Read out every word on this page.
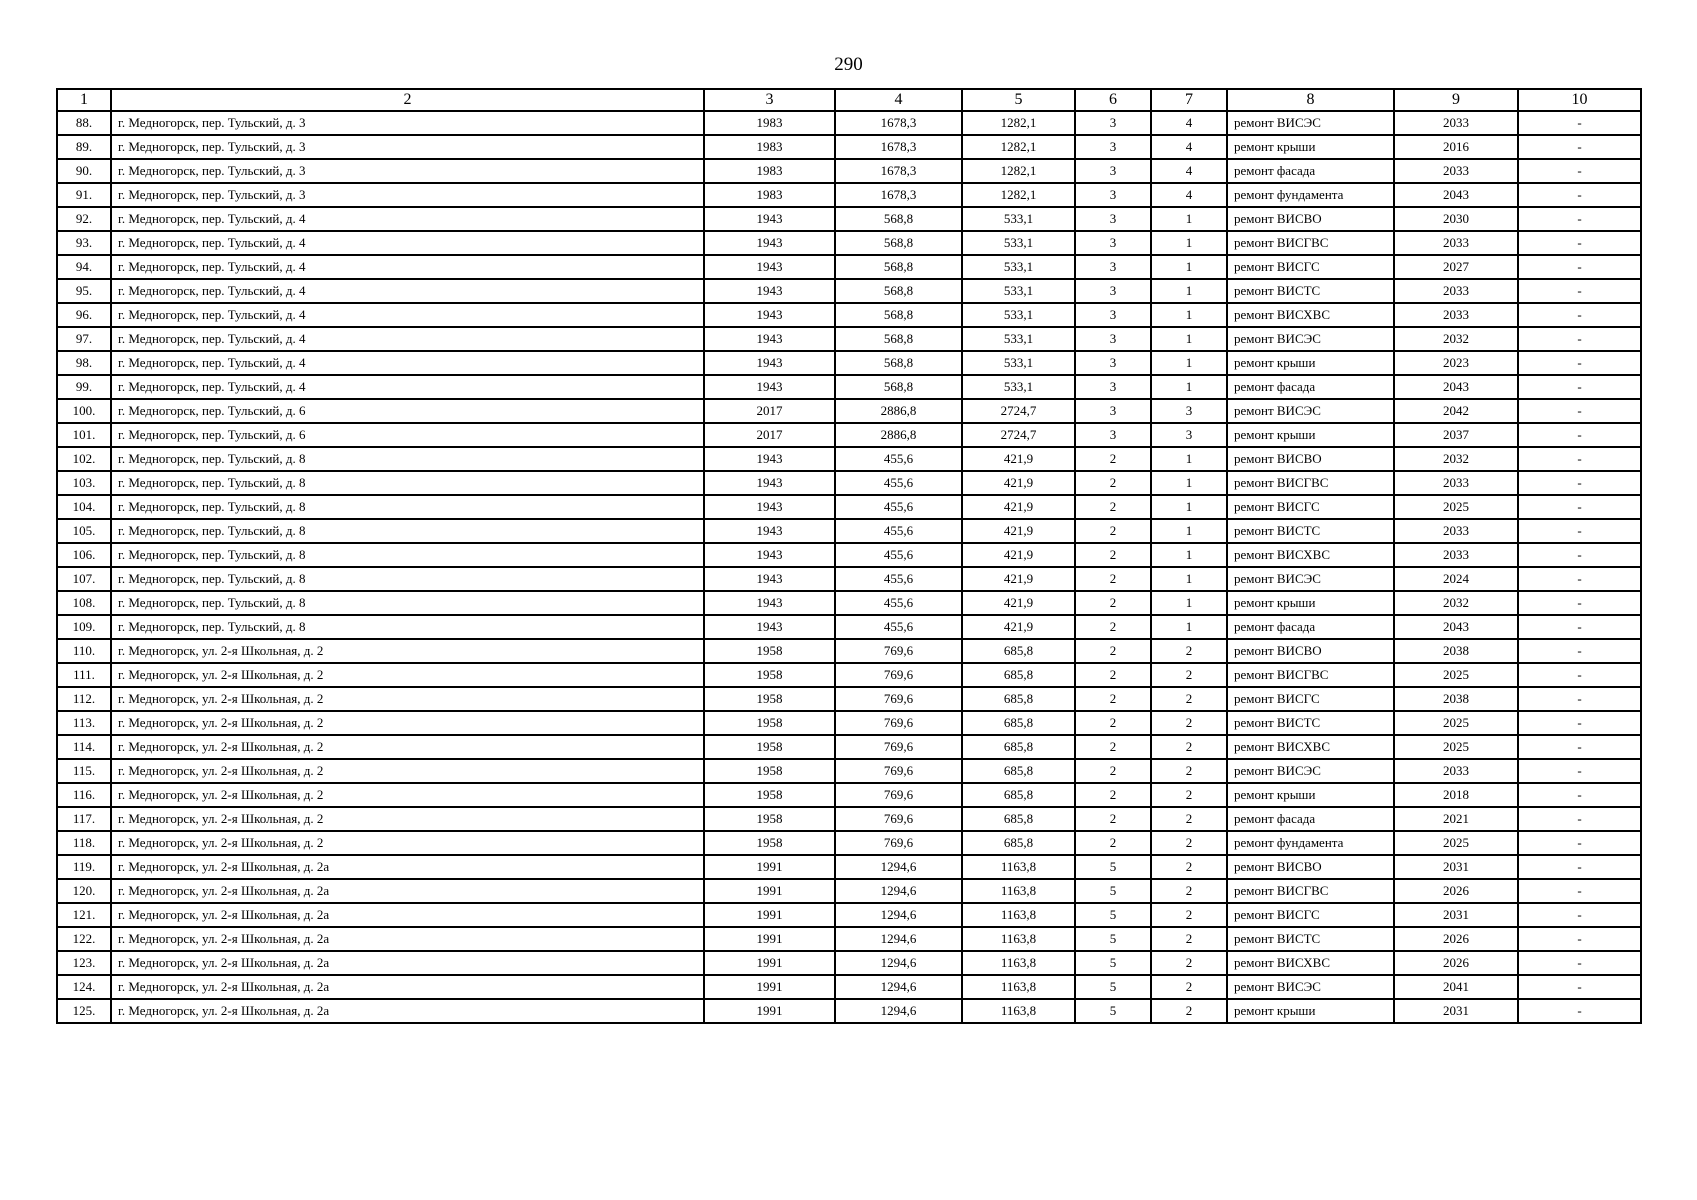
290
1	2	3	4	5	6	7	8	9	10
88.	г. Медногорск, пер. Тульский, д. 3	1983	1678,3	1282,1	3	4	ремонт ВИСЭС	2033	-
89.	г. Медногорск, пер. Тульский, д. 3	1983	1678,3	1282,1	3	4	ремонт крыши	2016	-
90.	г. Медногорск, пер. Тульский, д. 3	1983	1678,3	1282,1	3	4	ремонт фасада	2033	-
91.	г. Медногорск, пер. Тульский, д. 3	1983	1678,3	1282,1	3	4	ремонт фундамента	2043	-
92.	г. Медногорск, пер. Тульский, д. 4	1943	568,8	533,1	3	1	ремонт ВИСВО	2030	-
93.	г. Медногорск, пер. Тульский, д. 4	1943	568,8	533,1	3	1	ремонт ВИСГВС	2033	-
94.	г. Медногорск, пер. Тульский, д. 4	1943	568,8	533,1	3	1	ремонт ВИСГС	2027	-
95.	г. Медногорск, пер. Тульский, д. 4	1943	568,8	533,1	3	1	ремонт ВИСТС	2033	-
96.	г. Медногорск, пер. Тульский, д. 4	1943	568,8	533,1	3	1	ремонт ВИСХВС	2033	-
97.	г. Медногорск, пер. Тульский, д. 4	1943	568,8	533,1	3	1	ремонт ВИСЭС	2032	-
98.	г. Медногорск, пер. Тульский, д. 4	1943	568,8	533,1	3	1	ремонт крыши	2023	-
99.	г. Медногорск, пер. Тульский, д. 4	1943	568,8	533,1	3	1	ремонт фасада	2043	-
100.	г. Медногорск, пер. Тульский, д. 6	2017	2886,8	2724,7	3	3	ремонт ВИСЭС	2042	-
101.	г. Медногорск, пер. Тульский, д. 6	2017	2886,8	2724,7	3	3	ремонт крыши	2037	-
102.	г. Медногорск, пер. Тульский, д. 8	1943	455,6	421,9	2	1	ремонт ВИСВО	2032	-
103.	г. Медногорск, пер. Тульский, д. 8	1943	455,6	421,9	2	1	ремонт ВИСГВС	2033	-
104.	г. Медногорск, пер. Тульский, д. 8	1943	455,6	421,9	2	1	ремонт ВИСГС	2025	-
105.	г. Медногорск, пер. Тульский, д. 8	1943	455,6	421,9	2	1	ремонт ВИСТС	2033	-
106.	г. Медногорск, пер. Тульский, д. 8	1943	455,6	421,9	2	1	ремонт ВИСХВС	2033	-
107.	г. Медногорск, пер. Тульский, д. 8	1943	455,6	421,9	2	1	ремонт ВИСЭС	2024	-
108.	г. Медногорск, пер. Тульский, д. 8	1943	455,6	421,9	2	1	ремонт крыши	2032	-
109.	г. Медногорск, пер. Тульский, д. 8	1943	455,6	421,9	2	1	ремонт фасада	2043	-
110.	г. Медногорск, ул. 2-я Школьная, д. 2	1958	769,6	685,8	2	2	ремонт ВИСВО	2038	-
111.	г. Медногорск, ул. 2-я Школьная, д. 2	1958	769,6	685,8	2	2	ремонт ВИСГВС	2025	-
112.	г. Медногорск, ул. 2-я Школьная, д. 2	1958	769,6	685,8	2	2	ремонт ВИСГС	2038	-
113.	г. Медногорск, ул. 2-я Школьная, д. 2	1958	769,6	685,8	2	2	ремонт ВИСТС	2025	-
114.	г. Медногорск, ул. 2-я Школьная, д. 2	1958	769,6	685,8	2	2	ремонт ВИСХВС	2025	-
115.	г. Медногорск, ул. 2-я Школьная, д. 2	1958	769,6	685,8	2	2	ремонт ВИСЭС	2033	-
116.	г. Медногорск, ул. 2-я Школьная, д. 2	1958	769,6	685,8	2	2	ремонт крыши	2018	-
117.	г. Медногорск, ул. 2-я Школьная, д. 2	1958	769,6	685,8	2	2	ремонт фасада	2021	-
118.	г. Медногорск, ул. 2-я Школьная, д. 2	1958	769,6	685,8	2	2	ремонт фундамента	2025	-
119.	г. Медногорск, ул. 2-я Школьная, д. 2а	1991	1294,6	1163,8	5	2	ремонт ВИСВО	2031	-
120.	г. Медногорск, ул. 2-я Школьная, д. 2а	1991	1294,6	1163,8	5	2	ремонт ВИСГВС	2026	-
121.	г. Медногорск, ул. 2-я Школьная, д. 2а	1991	1294,6	1163,8	5	2	ремонт ВИСГС	2031	-
122.	г. Медногорск, ул. 2-я Школьная, д. 2а	1991	1294,6	1163,8	5	2	ремонт ВИСТС	2026	-
123.	г. Медногорск, ул. 2-я Школьная, д. 2а	1991	1294,6	1163,8	5	2	ремонт ВИСХВС	2026	-
124.	г. Медногорск, ул. 2-я Школьная, д. 2а	1991	1294,6	1163,8	5	2	ремонт ВИСЭС	2041	-
125.	г. Медногорск, ул. 2-я Школьная, д. 2а	1991	1294,6	1163,8	5	2	ремонт крыши	2031	-
